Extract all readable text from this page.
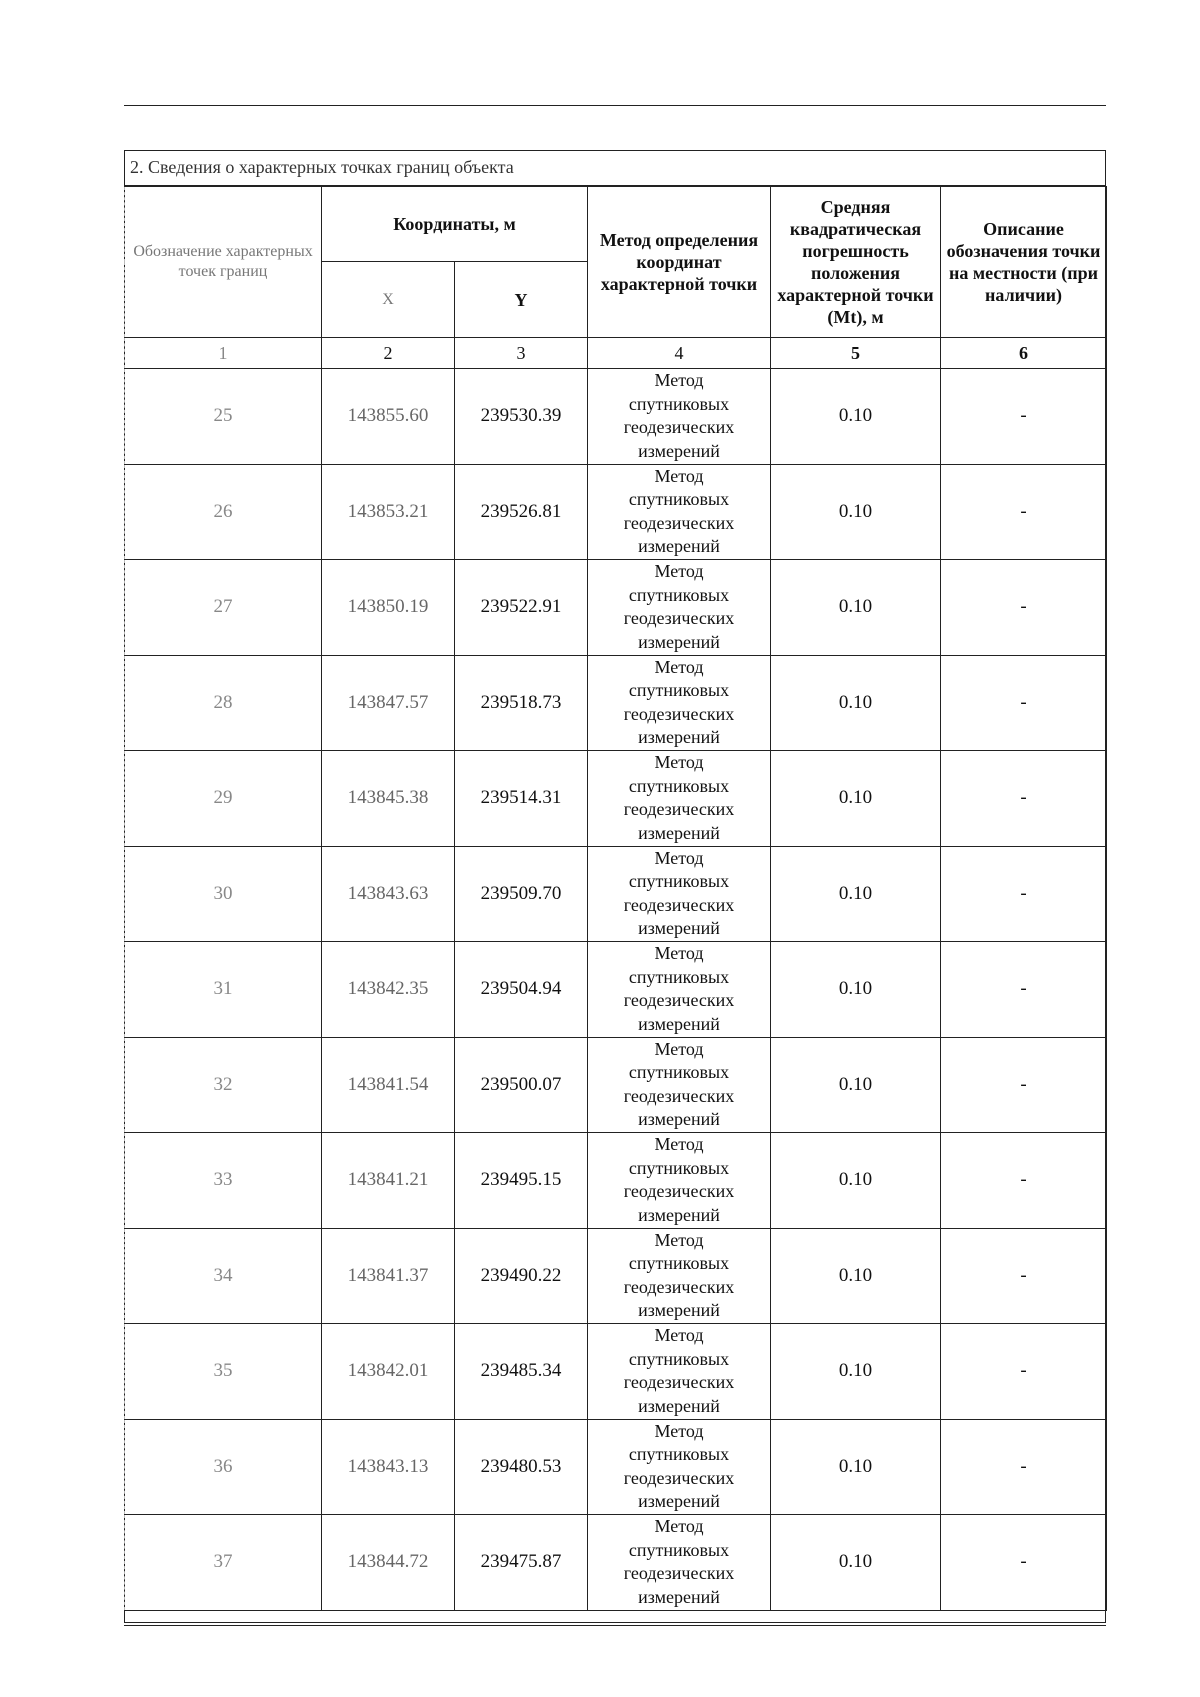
2. Сведения о характерных точках границ объекта
Обозначение характерных точек границ	Координаты, м		Метод определения координат характерной точки	Средняя квадратическая погрешность положения характерной точки (Mt), м	Описание обозначения точки на местности (при наличии)
	X	Y			
1	2	3	4	5	6
25	143855.60	239530.39	Метод
спутниковых
геодезических
измерений	0.10	-
26	143853.21	239526.81	Метод
спутниковых
геодезических
измерений	0.10	-
27	143850.19	239522.91	Метод
спутниковых
геодезических
измерений	0.10	-
28	143847.57	239518.73	Метод
спутниковых
геодезических
измерений	0.10	-
29	143845.38	239514.31	Метод
спутниковых
геодезических
измерений	0.10	-
30	143843.63	239509.70	Метод
спутниковых
геодезических
измерений	0.10	-
31	143842.35	239504.94	Метод
спутниковых
геодезических
измерений	0.10	-
32	143841.54	239500.07	Метод
спутниковых
геодезических
измерений	0.10	-
33	143841.21	239495.15	Метод
спутниковых
геодезических
измерений	0.10	-
34	143841.37	239490.22	Метод
спутниковых
геодезических
измерений	0.10	-
35	143842.01	239485.34	Метод
спутниковых
геодезических
измерений	0.10	-
36	143843.13	239480.53	Метод
спутниковых
геодезических
измерений	0.10	-
37	143844.72	239475.87	Метод
спутниковых
геодезических
измерений	0.10	-
